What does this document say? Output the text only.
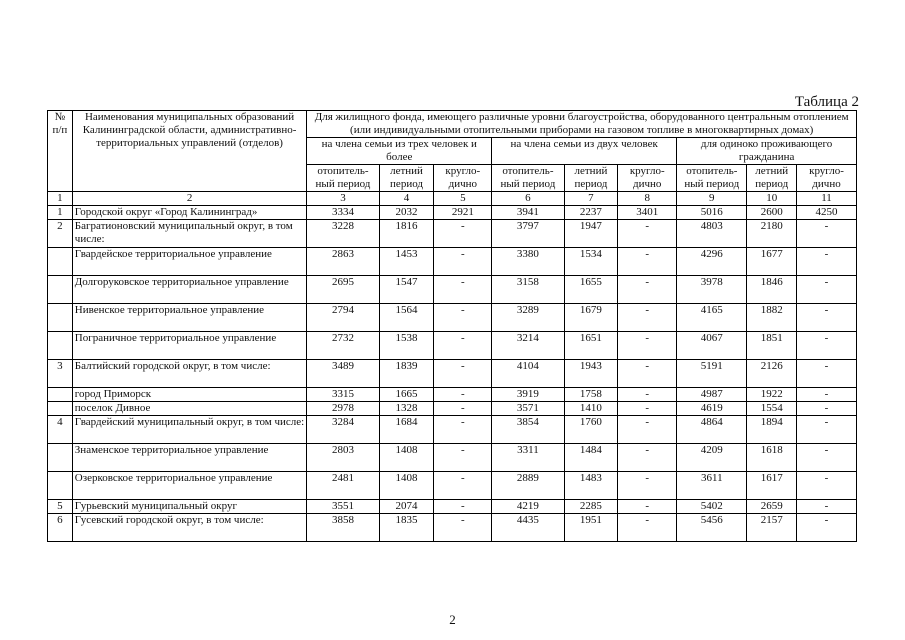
Таблица 2
№ п/п	Наименования муниципальных образований Калининградской области, административно-территориальных управлений (отделов)	Для жилищного фонда, имеющего различные уровни благоустройства, оборудованного центральным отоплением (или индивидуальными отопительными приборами на газовом топливе в многоквартирных домах)								
		на члена семьи из трех человек и более			на члена семьи из двух человек			для одиноко проживающего гражданина		
		отопитель-ный период	летний период	кругло-дично	отопитель-ный период	летний период	кругло-дично	отопитель-ный период	летний период	кругло-дично
1	2	3	4	5	6	7	8	9	10	11
1	Городской округ «Город Калининград»	3334	2032	2921	3941	2237	3401	5016	2600	4250
2	Багратионовский муниципальный округ, в том числе:	3228	1816	-	3797	1947	-	4803	2180	-
	Гвардейское территориальное управление	2863	1453	-	3380	1534	-	4296	1677	-
	Долгоруковское территориальное управление	2695	1547	-	3158	1655	-	3978	1846	-
	Нивенское территориальное управление	2794	1564	-	3289	1679	-	4165	1882	-
	Пограничное территориальное управление	2732	1538	-	3214	1651	-	4067	1851	-
3	Балтийский городской округ, в том числе:	3489	1839	-	4104	1943	-	5191	2126	-
	город Приморск	3315	1665	-	3919	1758	-	4987	1922	-
	поселок Дивное	2978	1328	-	3571	1410	-	4619	1554	-
4	Гвардейский муниципальный округ, в том числе:	3284	1684	-	3854	1760	-	4864	1894	-
	Знаменское территориальное управление	2803	1408	-	3311	1484	-	4209	1618	-
	Озерковское территориальное управление	2481	1408	-	2889	1483	-	3611	1617	-
5	Гурьевский муниципальный округ	3551	2074	-	4219	2285	-	5402	2659	-
6	Гусевский городской округ, в том числе:	3858	1835	-	4435	1951	-	5456	2157	-
2
